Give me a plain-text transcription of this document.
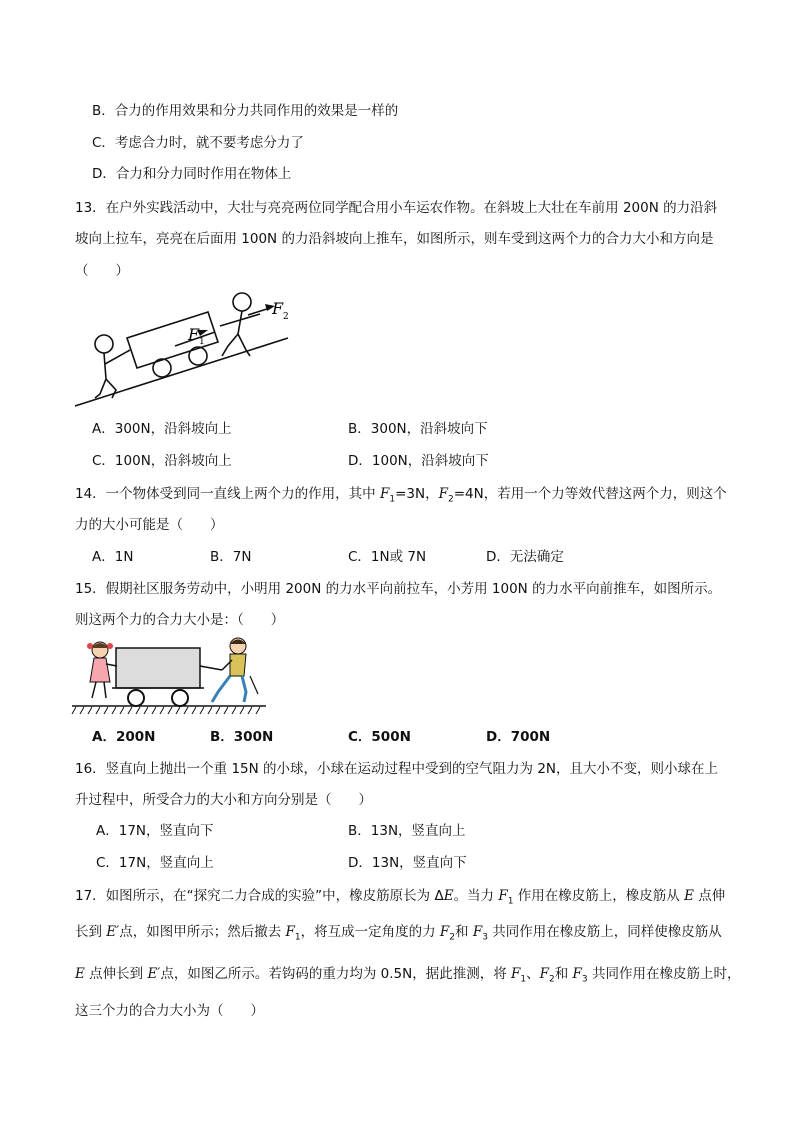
B．合力的作用效果和分力共同作用的效果是一样的
C．考虑合力时，就不要考虑分力了
D．合力和分力同时作用在物体上
13．在户外实践活动中，大壮与亮亮两位同学配合用小车运农作物。在斜坡上大壮在车前用 200N 的力沿斜
坡向上拉车，亮亮在后面用 100N 的力沿斜坡向上推车，如图所示，则车受到这两个力的合力大小和方向是
（　　）
F 1
F 2
A．300N，沿斜坡向上	B．300N，沿斜坡向下
C．100N，沿斜坡向上	D．100N，沿斜坡向下
14．一个物体受到同一直线上两个力的作用，其中 $F_1=3N$，$F_2=4N$，若用一个力等效代替这两个力，则这个
力的大小可能是（　　）
A．1N	B．7N	C．1N或 7N	D．无法确定
15．假期社区服务劳动中，小明用 200N 的力水平向前拉车，小芳用 100N 的力水平向前推车，如图所示。
则这两个力的合力大小是：（　　）
A．200N	B．300N	C．500N	D．700N
16．竖直向上抛出一个重 15N 的小球，小球在运动过程中受到的空气阻力为 2N，且大小不变，则小球在上
升过程中，所受合力的大小和方向分别是（　　）
A．17N，竖直向下	B．13N，竖直向上
C．17N，竖直向上	D．13N，竖直向下
17．如图所示，在“探究二力合成的实验”中，橡皮筋原长为 ΔE。当力 $F_1$ 作用在橡皮筋上，橡皮筋从 E 点伸
长到 E′点，如图甲所示；然后撤去 $F_1$，将互成一定角度的力 $F_2$和 $F_3$ 共同作用在橡皮筋上，同样使橡皮筋从
E 点伸长到 E′点，如图乙所示。若钩码的重力均为 0.5N，据此推测，将 $F_1$、$F_2$和 $F_3$ 共同作用在橡皮筋上时，
这三个力的合力大小为（　　）
